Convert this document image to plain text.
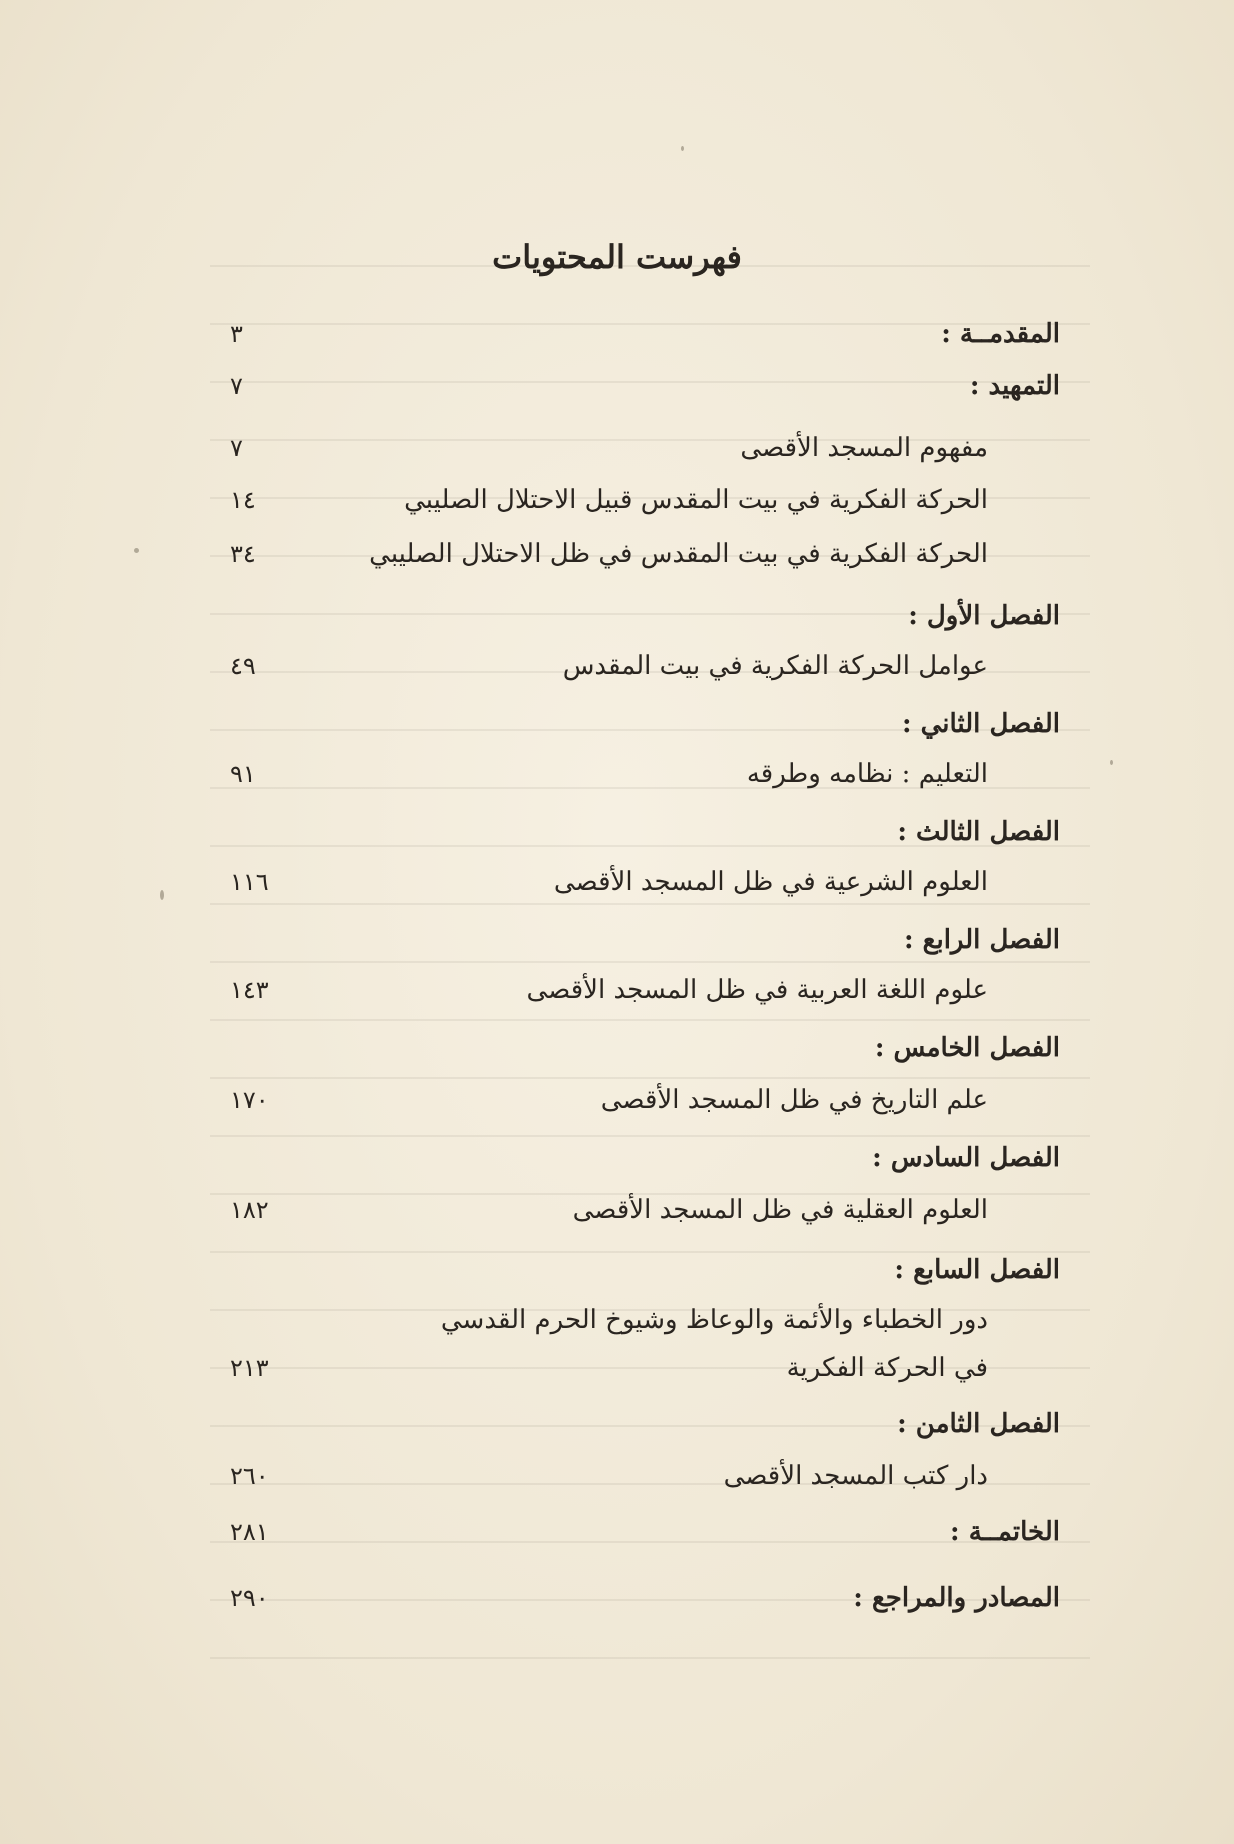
فهرست المحتويات
المقدمــة :
٣
التمهيد :
٧
مفهوم المسجد الأقصى
٧
الحركة الفكرية في بيت المقدس قبيل الاحتلال الصليبي
١٤
الحركة الفكرية في بيت المقدس في ظل الاحتلال الصليبي
٣٤
الفصل الأول :
عوامل الحركة الفكرية في بيت المقدس
٤٩
الفصل الثاني :
التعليم : نظامه وطرقه
٩١
الفصل الثالث :
العلوم الشرعية في ظل المسجد الأقصى
١١٦
الفصل الرابع :
علوم اللغة العربية في ظل المسجد الأقصى
١٤٣
الفصل الخامس :
علم التاريخ في ظل المسجد الأقصى
١٧٠
الفصل السادس :
العلوم العقلية في ظل المسجد الأقصى
١٨٢
الفصل السابع :
دور الخطباء والأئمة والوعاظ وشيوخ الحرم القدسي
في الحركة الفكرية
٢١٣
الفصل الثامن :
دار كتب المسجد الأقصى
٢٦٠
الخاتمــة :
٢٨١
المصادر والمراجع :
٢٩٠
